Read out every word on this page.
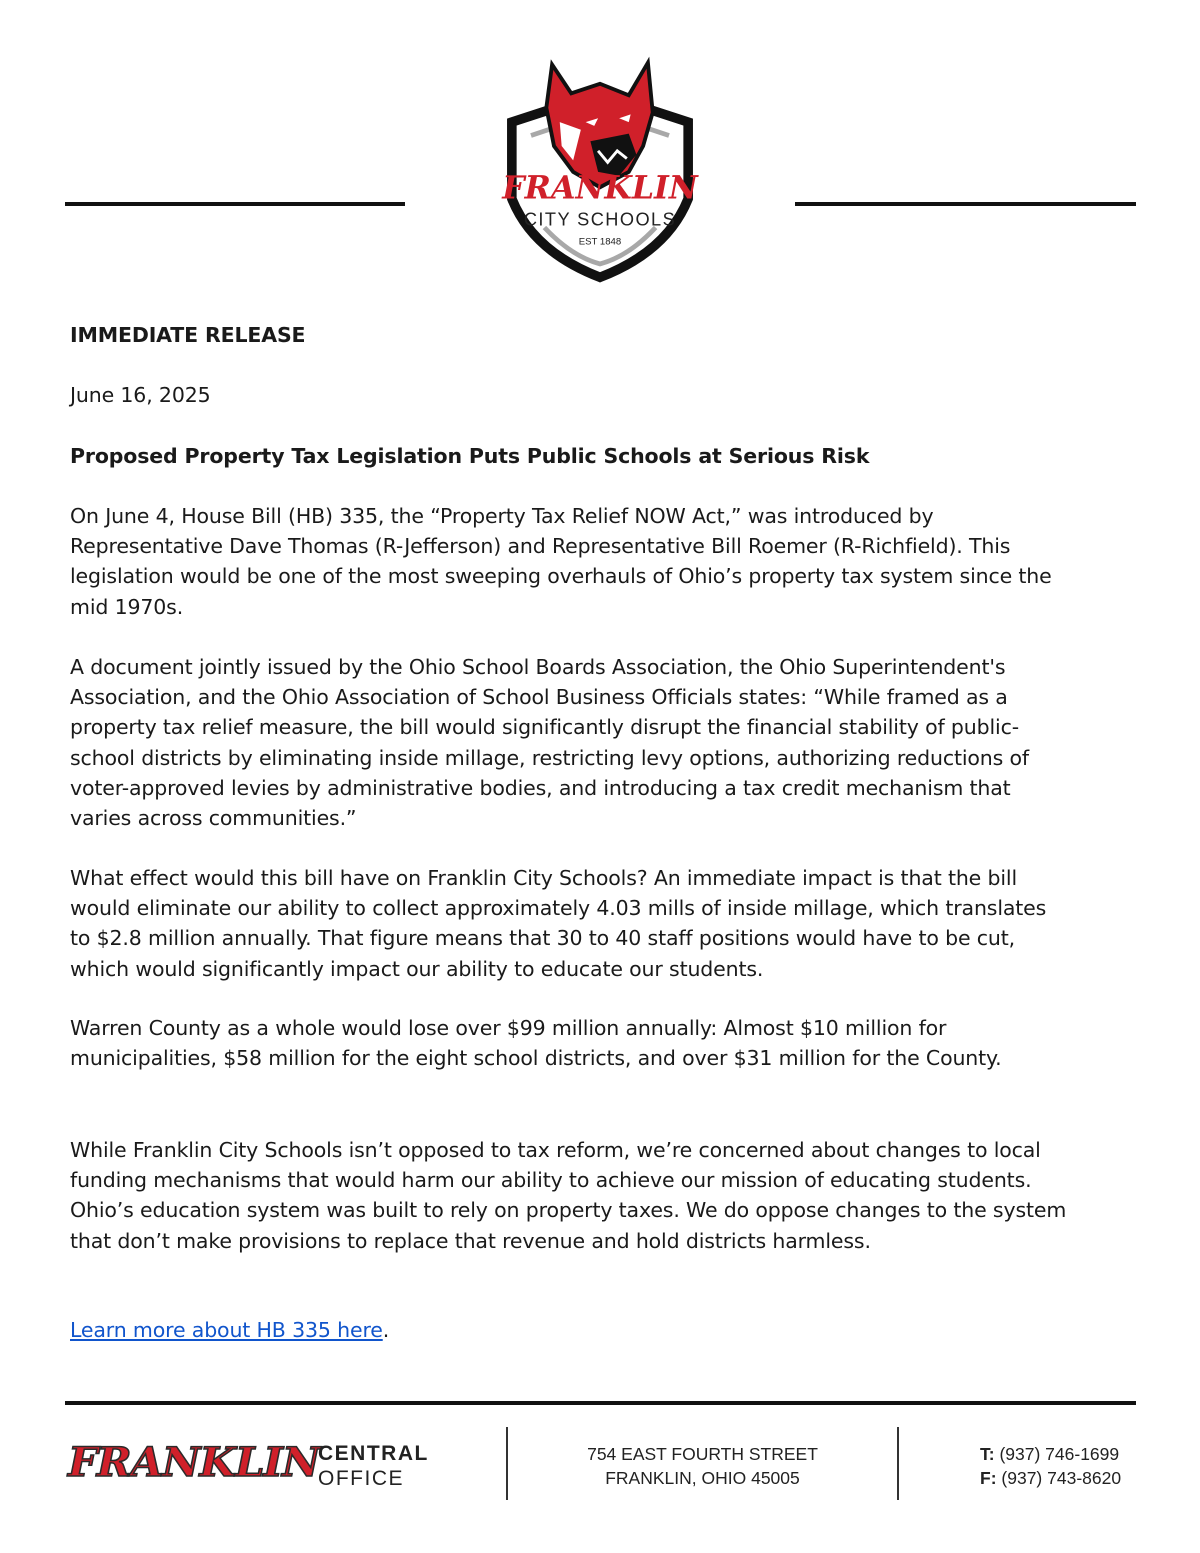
FRANKLIN
CITY SCHOOLS
EST 1848
IMMEDIATE RELEASE
June 16, 2025
Proposed Property Tax Legislation Puts Public Schools at Serious Risk
On June 4, House Bill (HB) 335, the “Property Tax Relief NOW Act,” was introduced by Representative Dave Thomas (R-Jefferson) and Representative Bill Roemer (R-Richfield). This legislation would be one of the most sweeping overhauls of Ohio’s property tax system since the mid 1970s.
A document jointly issued by the Ohio School Boards Association, the Ohio Superintendent's Association, and the Ohio Association of School Business Officials states: “While framed as a property tax relief measure, the bill would significantly disrupt the financial stability of public-school districts by eliminating inside millage, restricting levy options, authorizing reductions of voter-approved levies by administrative bodies, and introducing a tax credit mechanism that varies across communities.”
What effect would this bill have on Franklin City Schools? An immediate impact is that the bill would eliminate our ability to collect approximately 4.03 mills of inside millage, which translates to $2.8 million annually. That figure means that 30 to 40 staff positions would have to be cut, which would significantly impact our ability to educate our students.
Warren County as a whole would lose over $99 million annually: Almost $10 million for municipalities, $58 million for the eight school districts, and over $31 million for the County.
While Franklin City Schools isn’t opposed to tax reform, we’re concerned about changes to local funding mechanisms that would harm our ability to achieve our mission of educating students. Ohio’s education system was built to rely on property taxes. We do oppose changes to the system that don’t make provisions to replace that revenue and hold districts harmless.
Learn more about HB 335 here.
FRANKLIN
CENTRAL
OFFICE
754 EAST FOURTH STREET
FRANKLIN, OHIO 45005
T: (937) 746-1699
F: (937) 743-8620
